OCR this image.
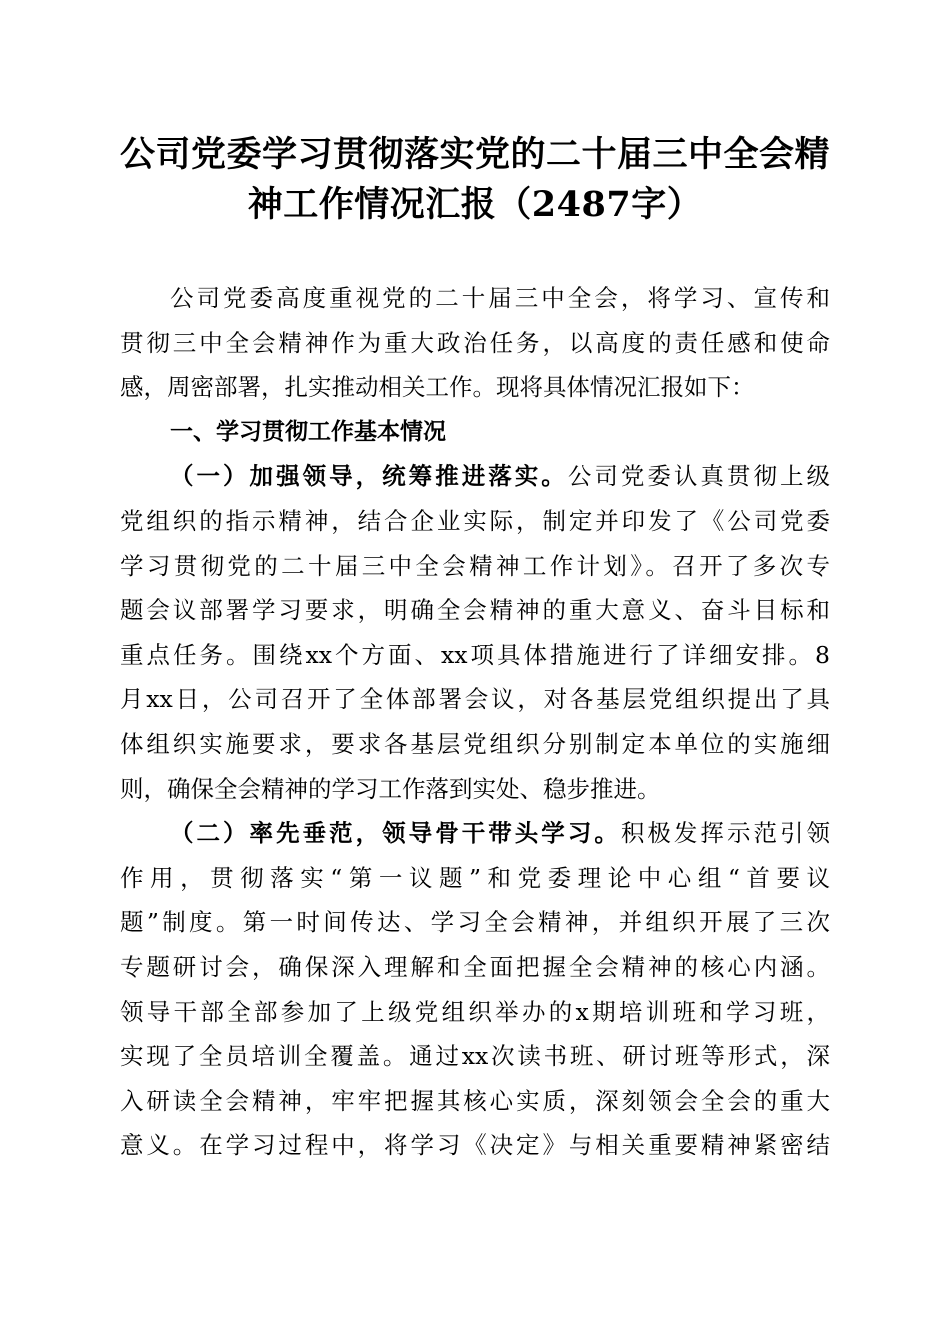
公司党委学习贯彻落实党的二十届三中全会精
神工作情况汇报（2487字）
公司党委高度重视党的二十届三中全会，将学习、宣传和
贯彻三中全会精神作为重大政治任务，以高度的责任感和使命
感，周密部署，扎实推动相关工作。现将具体情况汇报如下：
一、学习贯彻工作基本情况
（一）加强领导，统筹推进落实。公司党委认真贯彻上级
党组织的指示精神，结合企业实际，制定并印发了《公司党委
学习贯彻党的二十届三中全会精神工作计划》。召开了多次专
题会议部署学习要求，明确全会精神的重大意义、奋斗目标和
重点任务。围绕xx个方面、xx项具体措施进行了详细安排。8
月xx日，公司召开了全体部署会议，对各基层党组织提出了具
体组织实施要求，要求各基层党组织分别制定本单位的实施细
则，确保全会精神的学习工作落到实处、稳步推进。
（二）率先垂范，领导骨干带头学习。积极发挥示范引领
作用，贯彻落实“第一议题”和党委理论中心组“首要议
题”制度。第一时间传达、学习全会精神，并组织开展了三次
专题研讨会，确保深入理解和全面把握全会精神的核心内涵。
领导干部全部参加了上级党组织举办的x期培训班和学习班，
实现了全员培训全覆盖。通过xx次读书班、研讨班等形式，深
入研读全会精神，牢牢把握其核心实质，深刻领会全会的重大
意义。在学习过程中，将学习《决定》与相关重要精神紧密结
